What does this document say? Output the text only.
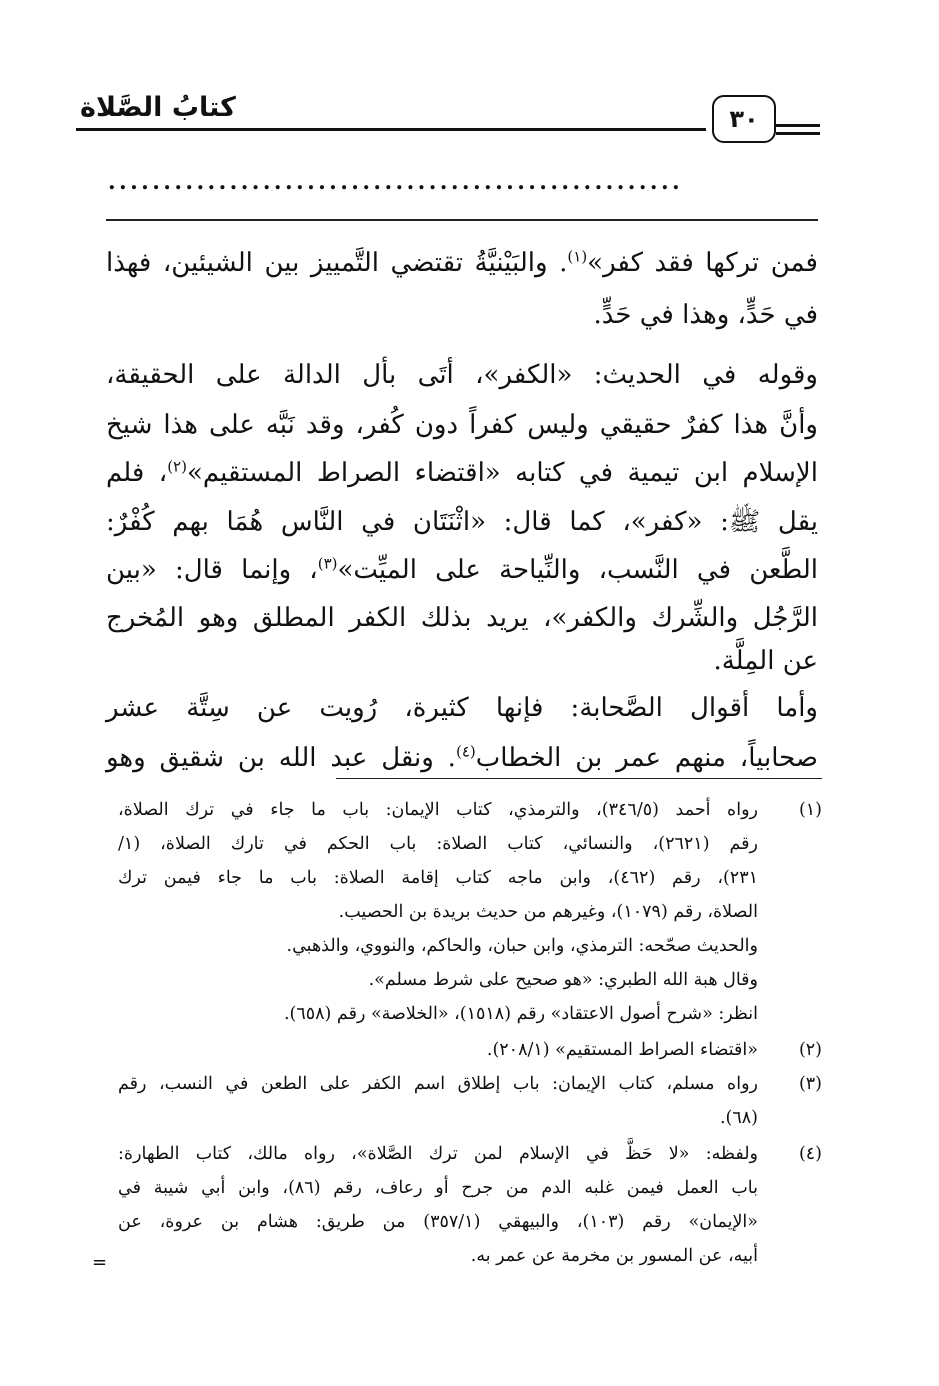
كتابُ الصَّلاة	٣٠
....................................................
فمن تركها فقد كفر»$^{(١)}$. والبَيْنيَّةُ تقتضي التَّمييز بين الشيئين، فهذا
في حَدٍّ، وهذا في حَدٍّ.
وقوله في الحديث: «الكفر»، أتَى بأل الدالة على الحقيقة،
وأنَّ هذا كفرٌ حقيقي وليس كفراً دون كُفر، وقد نَبَّه على هذا شيخ
الإسلام ابن تيمية في كتابه «اقتضاء الصراط المستقيم»$^{(٢)}$، فلم
يقل ﷺ: «كفر»، كما قال: «اثْنَتَان في النَّاس هُمَا بهم كُفْرٌ:
الطَّعن في النَّسب، والنِّياحة على الميِّت»$^{(٣)}$، وإنما قال: «بين
الرَّجُل والشِّرك والكفر»، يريد بذلك الكفر المطلق وهو المُخرج
عن المِلَّة.
وأما أقوال الصَّحابة: فإنها كثيرة، رُويت عن سِتَّة عشر
صحابياً، منهم عمر بن الخطاب$^{(٤)}$. ونقل عبد الله بن شقيق وهو
(١)
رواه أحمد (٣٤٦/٥)، والترمذي، كتاب الإيمان: باب ما جاء في ترك الصلاة،
رقم (٢٦٢١)، والنسائي، كتاب الصلاة: باب الحكم في تارك الصلاة، (١/
٢٣١)، رقم (٤٦٢)، وابن ماجه كتاب إقامة الصلاة: باب ما جاء فيمن ترك
الصلاة، رقم (١٠٧٩)، وغيرهم من حديث بريدة بن الحصيب.
والحديث صحّحه: الترمذي، وابن حبان، والحاكم، والنووي، والذهبي.
وقال هبة الله الطبري: «هو صحيح على شرط مسلم».
انظر: «شرح أصول الاعتقاد» رقم (١٥١٨)، «الخلاصة» رقم (٦٥٨).
(٢)
«اقتضاء الصراط المستقيم» (٢٠٨/١).
(٣)
رواه مسلم، كتاب الإيمان: باب إطلاق اسم الكفر على الطعن في النسب، رقم
(٦٨).
(٤)
ولفظه: «لا حَظَّ في الإسلام لمن ترك الصَّلاة»، رواه مالك، كتاب الطهارة:
باب العمل فيمن غلبه الدم من جرح أو رعاف، رقم (٨٦)، وابن أبي شيبة في
«الإيمان» رقم (١٠٣)، والبيهقي (٣٥٧/١) من طريق: هشام بن عروة، عن
أبيه، عن المسور بن مخرمة عن عمر به.
=
